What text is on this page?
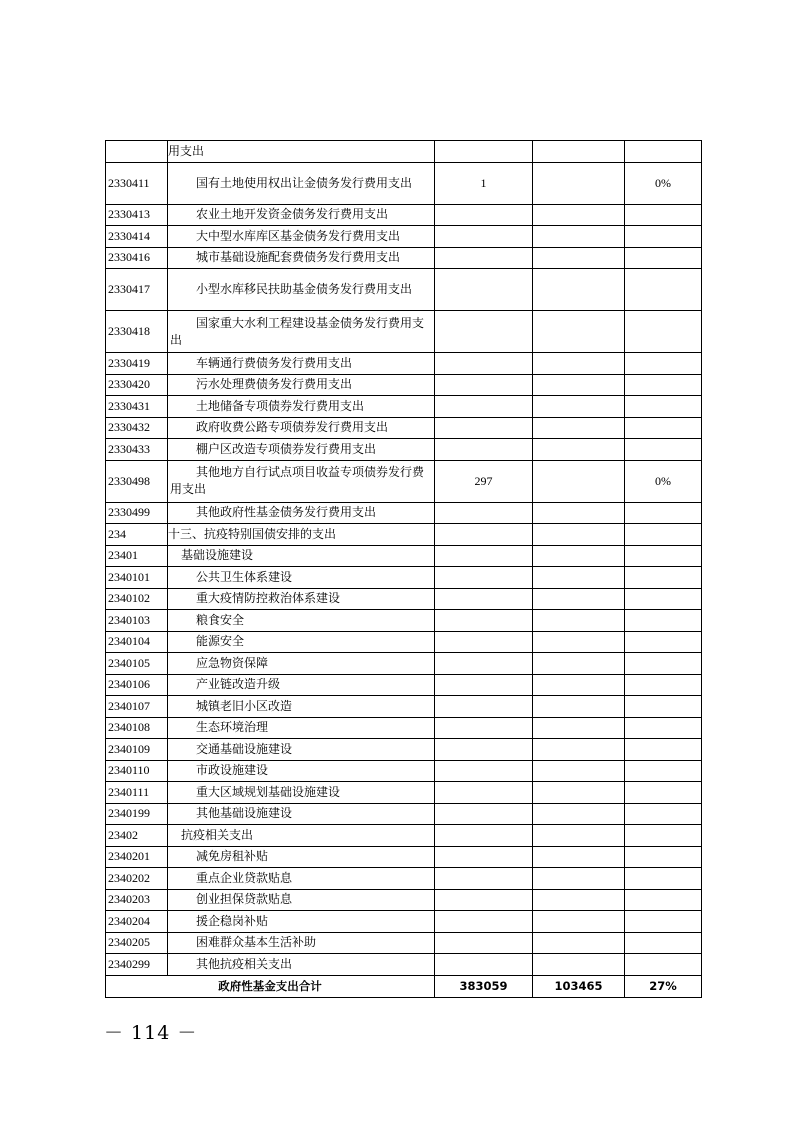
	用支出			
2330411	国有土地使用权出让金债务发行费用支出	1		0%
2330413	农业土地开发资金债务发行费用支出			
2330414	大中型水库库区基金债务发行费用支出			
2330416	城市基础设施配套费债务发行费用支出			
2330417	小型水库移民扶助基金债务发行费用支出			
2330418	国家重大水利工程建设基金债务发行费用支出			
2330419	车辆通行费债务发行费用支出			
2330420	污水处理费债务发行费用支出			
2330431	土地储备专项债券发行费用支出			
2330432	政府收费公路专项债券发行费用支出			
2330433	棚户区改造专项债券发行费用支出			
2330498	其他地方自行试点项目收益专项债券发行费用支出	297		0%
2330499	其他政府性基金债务发行费用支出			
234	十三、抗疫特别国债安排的支出			
23401	基础设施建设			
2340101	公共卫生体系建设			
2340102	重大疫情防控救治体系建设			
2340103	粮食安全			
2340104	能源安全			
2340105	应急物资保障			
2340106	产业链改造升级			
2340107	城镇老旧小区改造			
2340108	生态环境治理			
2340109	交通基础设施建设			
2340110	市政设施建设			
2340111	重大区域规划基础设施建设			
2340199	其他基础设施建设			
23402	抗疫相关支出			
2340201	减免房租补贴			
2340202	重点企业贷款贴息			
2340203	创业担保贷款贴息			
2340204	援企稳岗补贴			
2340205	困难群众基本生活补助			
2340299	其他抗疫相关支出			
政府性基金支出合计		383059	103465	27%
－ 114 －
